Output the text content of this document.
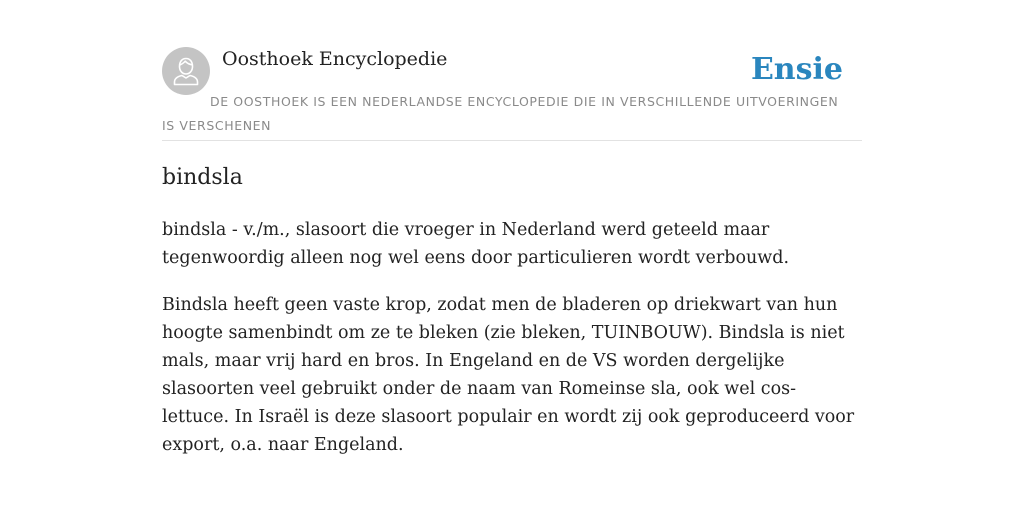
Oosthoek Encyclopedie	Ensie
DE OOSTHOEK IS EEN NEDERLANDSE ENCYCLOPEDIE DIE IN VERSCHILLENDE UITVOERINGEN IS VERSCHENEN
bindsla

bindsla - v./m., slasoort die vroeger in Nederland werd geteeld maar tegenwoordig alleen nog wel eens door particulieren wordt verbouwd.

Bindsla heeft geen vaste krop, zodat men de bladeren op driekwart van hun hoogte samenbindt om ze te bleken (zie bleken, TUINBOUW). Bindsla is niet mals, maar vrij hard en bros. In Engeland en de VS worden dergelijke slasoorten veel gebruikt onder de naam van Romeinse sla, ook wel cos-lettuce. In Israël is deze slasoort populair en wordt zij ook geproduceerd voor export, o.a. naar Engeland.
